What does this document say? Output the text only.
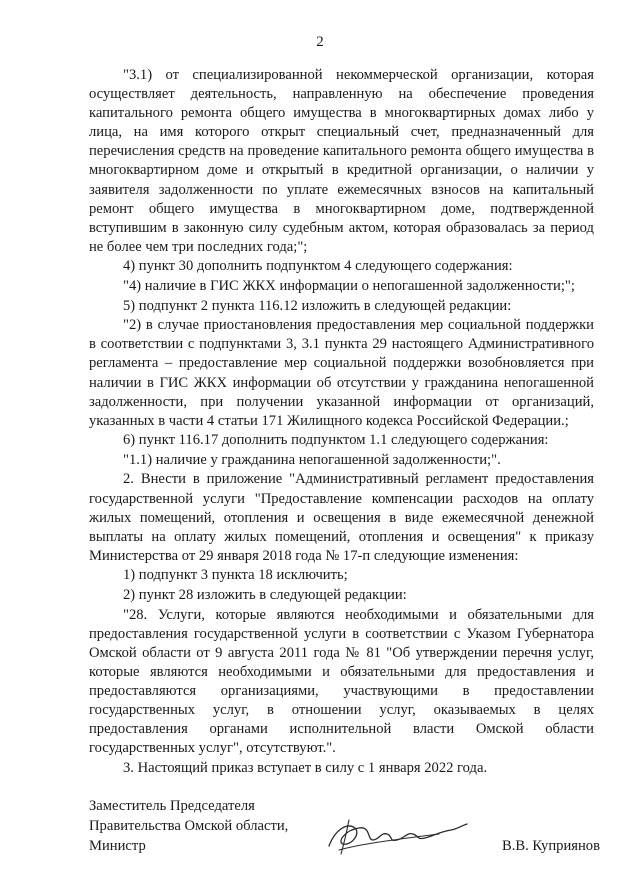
2

"3.1) от специализированной некоммерческой организации, которая осуществляет деятельность, направленную на обеспечение проведения капитального ремонта общего имущества в многоквартирных домах либо у лица, на имя которого открыт специальный счет, предназначенный для перечисления средств на проведение капитального ремонта общего имущества в многоквартирном доме и открытый в кредитной организации, о наличии у заявителя задолженности по уплате ежемесячных взносов на капитальный ремонт общего имущества в многоквартирном доме, подтвержденной вступившим в законную силу судебным актом, которая образовалась за период не более чем три последних года;";

4) пункт 30 дополнить подпунктом 4 следующего содержания:

"4) наличие в ГИС ЖКХ информации о непогашенной задолженности;";

5) подпункт 2 пункта 116.12 изложить в следующей редакции:

"2) в случае приостановления предоставления мер социальной поддержки в соответствии с подпунктами 3, 3.1 пункта 29 настоящего Административного регламента – предоставление мер социальной поддержки возобновляется при наличии в ГИС ЖКХ информации об отсутствии у гражданина непогашенной задолженности, при получении указанной информации от организаций, указанных в части 4 статьи 171 Жилищного кодекса Российской Федерации.;

6) пункт 116.17 дополнить подпунктом 1.1 следующего содержания:

"1.1) наличие у гражданина непогашенной задолженности;".

2. Внести в приложение "Административный регламент предоставления государственной услуги "Предоставление компенсации расходов на оплату жилых помещений, отопления и освещения в виде ежемесячной денежной выплаты на оплату жилых помещений, отопления и освещения" к приказу Министерства от 29 января 2018 года № 17-п следующие изменения:

1) подпункт 3 пункта 18 исключить;

2) пункт 28 изложить в следующей редакции:

"28. Услуги, которые являются необходимыми и обязательными для предоставления государственной услуги в соответствии с Указом Губернатора Омской области от 9 августа 2011 года № 81 "Об утверждении перечня услуг, которые являются необходимыми и обязательными для предоставления и предоставляются организациями, участвующими в предоставлении государственных услуг, в отношении услуг, оказываемых в целях предоставления органами исполнительной власти Омской области государственных услуг", отсутствуют.".

3. Настоящий приказ вступает в силу с 1 января 2022 года.

Заместитель Председателя
Правительства Омской области,
Министр	В.В. Куприянов
